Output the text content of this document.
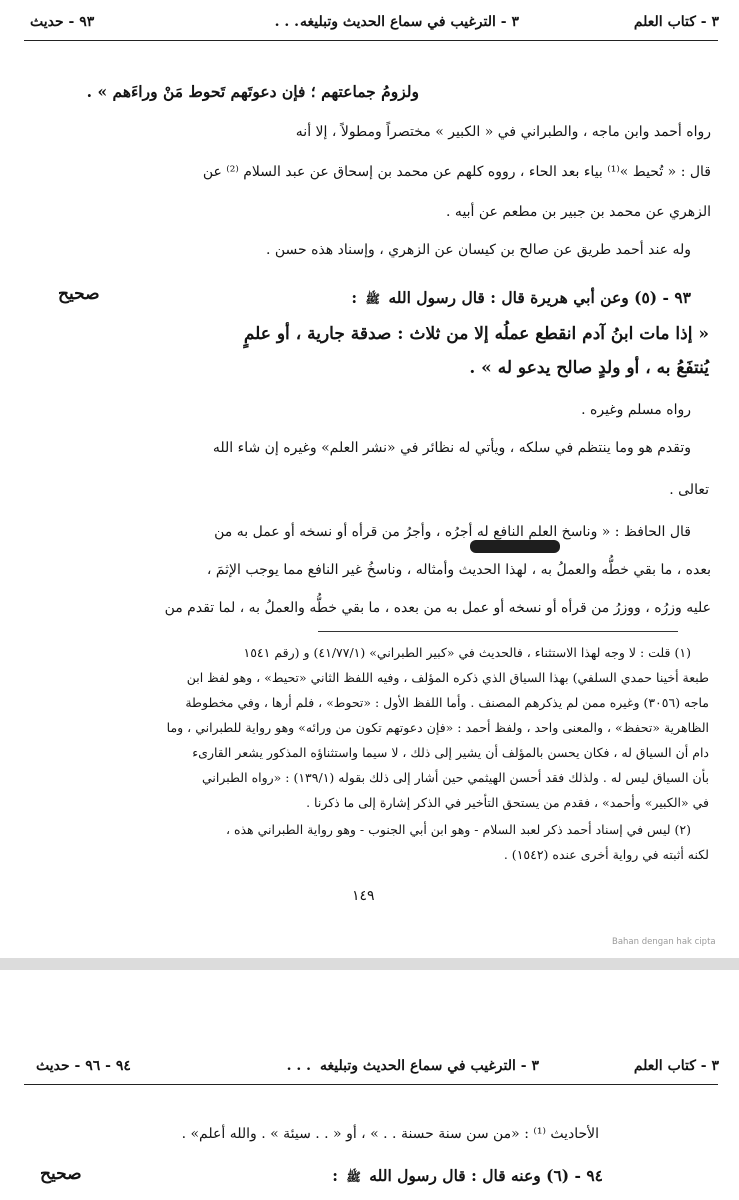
٣ - كتاب العلم
٣ - الترغيب في سماع الحديث وتبليغه
. . .
٩٣ - حديث
ولزومُ جماعتهم ؛ فإن دعوتَهم تَحوط مَنْ وراءَهم » .
رواه أحمد وابن ماجه ، والطبراني في « الكبير » مختصراً ومطولاً ، إلا أنه
قال : « تُحيط »⁽¹⁾ بياء بعد الحاء ، رووه كلهم عن محمد بن إسحاق عن عبد السلام ⁽²⁾ عن
الزهري عن محمد بن جبير بن مطعم عن أبيه .
وله عند أحمد طريق عن صالح بن كيسان عن الزهري ، وإسناد هذه حسن .
صحيح	٩٣ - (٥) وعن أبي هريرة قال : قال رسول الله ﷺ :
« إذا مات ابنُ آدم انقطع عملُه إلا من ثلاث : صدقة جارية ، أو علمٍ
يُنتفَعُ به ، أو ولدٍ صالح يدعو له » .
رواه مسلم وغيره .
وتقدم هو وما ينتظم في سلكه ، ويأتي له نظائر في «نشر العلم» وغيره إن شاء الله
تعالى .
قال الحافظ : « وناسخ العلم النافع له أجرُه ، وأجرُ من قرأه أو نسخه أو عمل به من
بعده ، ما بقي خطُّه والعملُ به ، لهذا الحديث وأمثاله ، وناسخُ غير النافع مما يوجب الإثمَ ،
عليه وزرُه ، ووزرُ من قرأه أو نسخه أو عمل به من بعده ، ما بقي خطُّه والعملُ به ، لما تقدم من
(١) قلت : لا وجه لهذا الاستثناء ، فالحديث في «كبير الطبراني» (٤١/٧٧/١) و (رقم ١٥٤١
طبعة أخينا حمدي السلفي) بهذا السياق الذي ذكره المؤلف ، وفيه اللفظ الثاني «تحيط» ، وهو لفظ ابن
ماجه (٣٠٥٦) وغيره ممن لم يذكرهم المصنف . وأما اللفظ الأول : «تحوط» ، فلم أرها ، وفي مخطوطة
الظاهرية «تحفظ» ، والمعنى واحد ، ولفظ أحمد : «فإن دعوتهم تكون من ورائه» وهو رواية للطبراني ، وما
دام أن السياق له ، فكان يحسن بالمؤلف أن يشير إلى ذلك ، لا سيما واستثناؤه المذكور يشعر القارىء
بأن السياق ليس له . ولذلك فقد أحسن الهيثمي حين أشار إلى ذلك بقوله (١٣٩/١) : «رواه الطبراني
في «الكبير» وأحمد» ، فقدم من يستحق التأخير في الذكر إشارة إلى ما ذكرنا .
(٢) ليس في إسناد أحمد ذكر لعبد السلام - وهو ابن أبي الجنوب - وهو رواية الطبراني هذه ،
لكنه أثبته في رواية أخرى عنده (١٥٤٢) .
١٤٩
Bahan dengan hak cipta
٣ - كتاب العلم
٣ - الترغيب في سماع الحديث وتبليغه
. . .
٩٤ - ٩٦ - حديث
الأحاديث ⁽¹⁾ : «من سن سنة حسنة . . » ، أو « . . سيئة » . والله أعلم» .
صحيح	٩٤ - (٦) وعنه قال : قال رسول الله ﷺ :
